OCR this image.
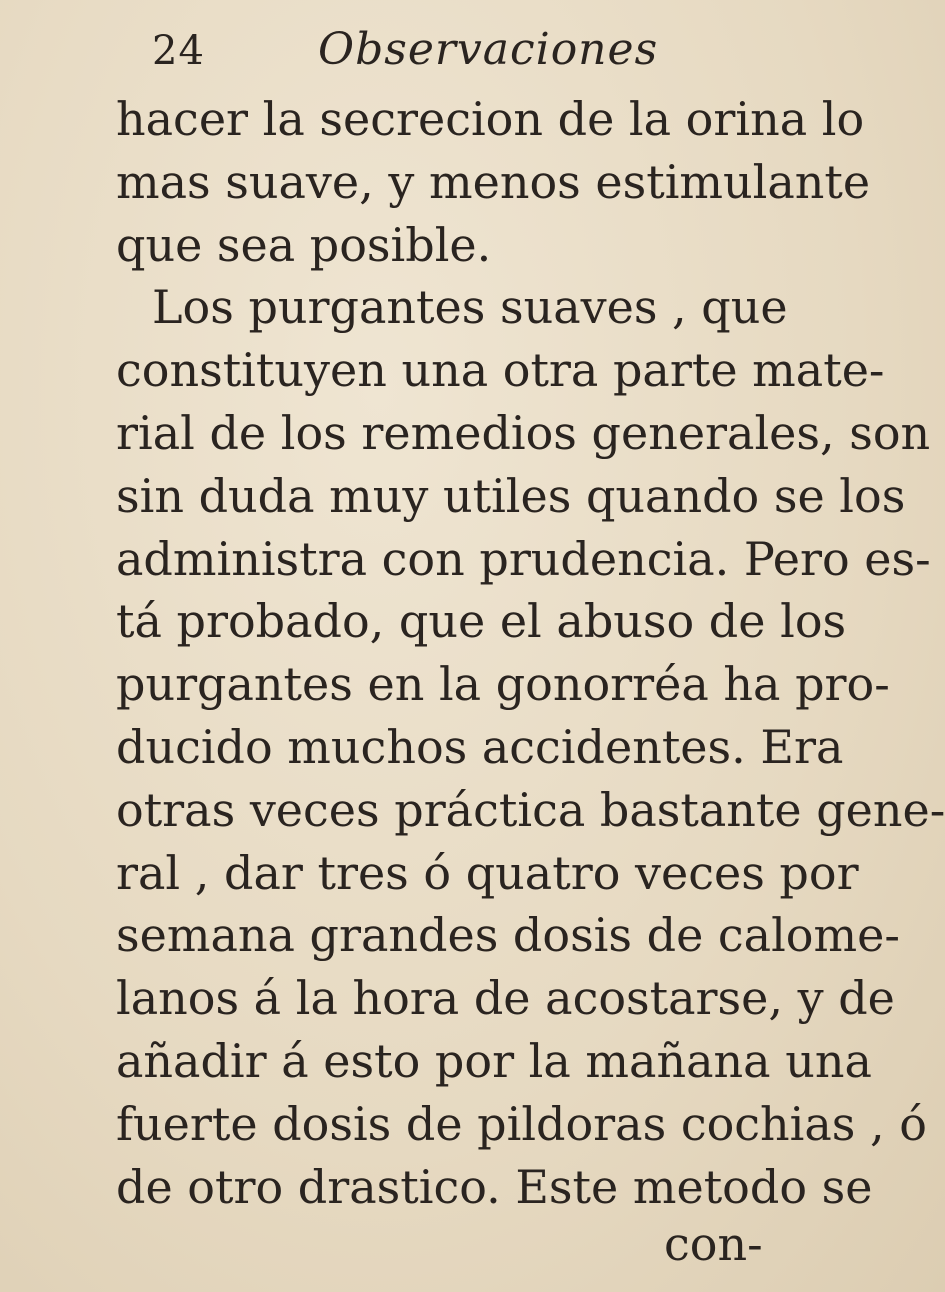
24	Observaciones
hacer la secrecion de la orina lo
mas suave, y menos estimulante
que sea posible.
Los purgantes suaves , que
constituyen una otra parte mate-
rial de los remedios generales, son
sin duda muy utiles quando se los
administra con prudencia. Pero es-
tá probado, que el abuso de los
purgantes en la gonorréa ha pro-
ducido muchos accidentes. Era
otras veces práctica bastante gene-
ral , dar tres ó quatro veces por
semana grandes dosis de calome-
lanos á la hora de acostarse, y de
añadir á esto por la mañana una
fuerte dosis de pildoras cochias , ó
de otro drastico. Este metodo se
con-
